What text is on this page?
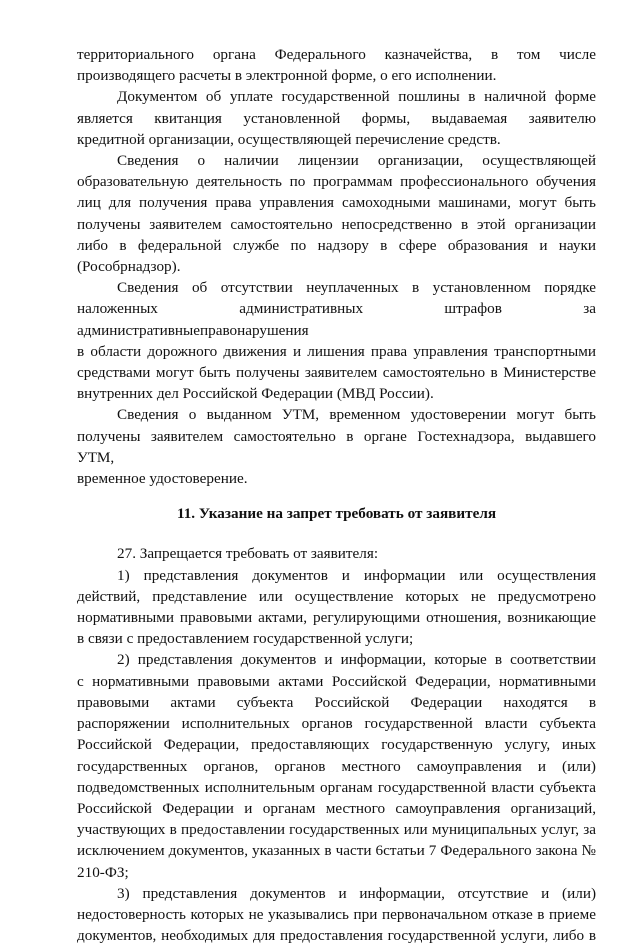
территориального органа Федерального казначейства, в том числе

производящего расчеты в электронной форме, о его исполнении.

Документом об уплате государственной пошлины в наличной форме

является квитанция установленной формы, выдаваемая заявителю

кредитной организации, осуществляющей перечисление средств.

Сведения о наличии лицензии организации, осуществляющей

образовательную деятельность по программам профессионального обучения

лиц для получения права управления самоходными машинами, могут быть

получены заявителем самостоятельно непосредственно в этой организации

либо в федеральной службе по надзору в сфере образования и науки

(Рособрнадзор).

Сведения об отсутствии неуплаченных в установленном порядке

наложенных административных штрафов за административныеправонарушения

в области дорожного движения и лишения права управления транспортными

средствами могут быть получены заявителем самостоятельно в Министерстве

внутренних дел Российской Федерации (МВД России).

Сведения о выданном УТМ, временном удостоверении могут быть

получены заявителем самостоятельно в органе Гостехнадзора, выдавшего УТМ,

временное удостоверение.

11. Указание на запрет требовать от заявителя

27. Запрещается требовать от заявителя:

1) представления документов и информации или осуществления

действий, представление или осуществление которых не предусмотрено

нормативными правовыми актами, регулирующими отношения, возникающие

в связи с предоставлением государственной услуги;

2) представления документов и информации, которые в соответствии

с нормативными правовыми актами Российской Федерации, нормативными

правовыми актами субъекта Российской Федерации находятся в

распоряжении исполнительных органов государственной власти субъекта

Российской Федерации, предоставляющих государственную услугу, иных

государственных органов, органов местного самоуправления и (или)

подведомственных исполнительным органам государственной власти субъекта

Российской Федерации и органам местного самоуправления организаций,

участвующих в предоставлении государственных или муниципальных услуг, за

исключением документов, указанных в части 6статьи 7 Федерального закона №

210-ФЗ;

3) представления документов и информации, отсутствие и (или)

недостоверность которых не указывались при первоначальном отказе в приеме

документов, необходимых для предоставления государственной услуги, либо в
